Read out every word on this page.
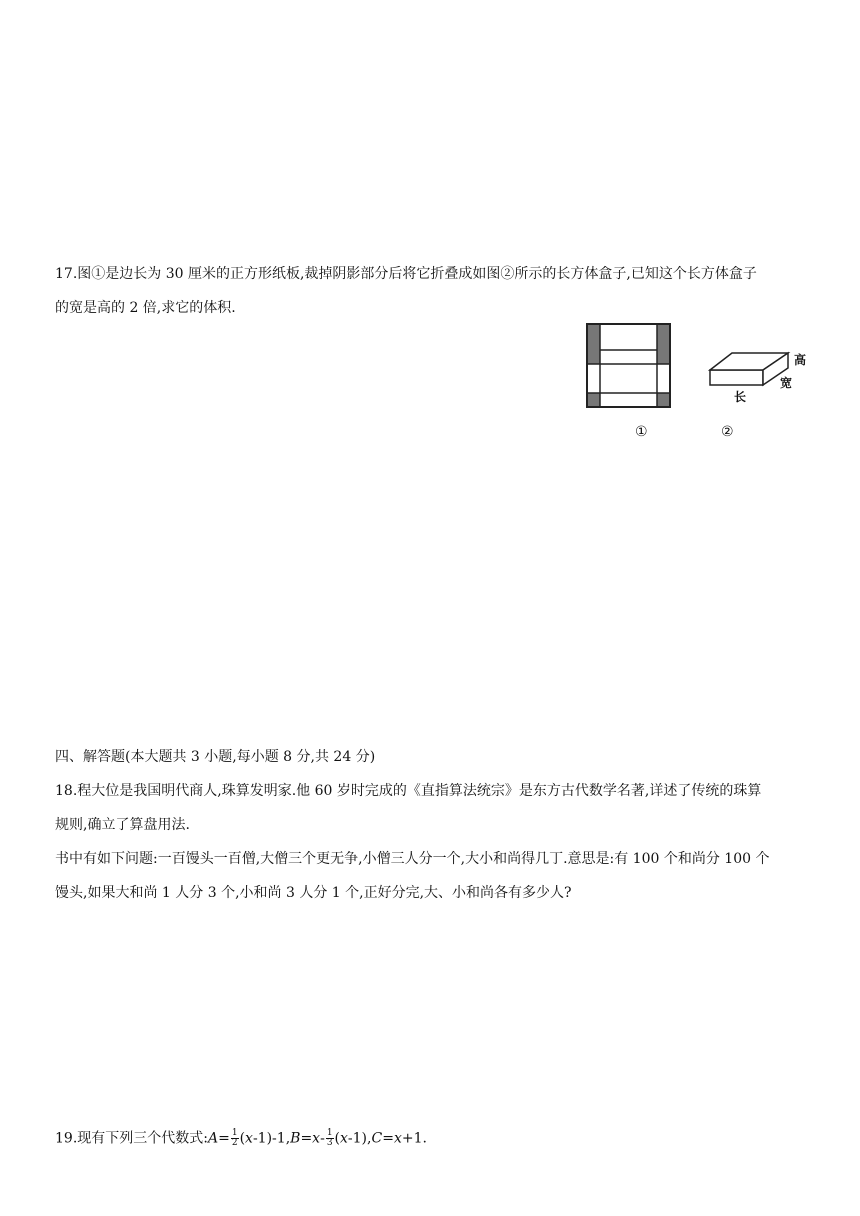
17.图①是边长为 30 厘米的正方形纸板,裁掉阴影部分后将它折叠成如图②所示的长方体盒子,已知这个长方体盒子
的宽是高的 2 倍,求它的体积.
高
宽
长
①	②
四、解答题(本大题共 3 小题,每小题 8 分,共 24 分)
18.程大位是我国明代商人,珠算发明家.他 60 岁时完成的《直指算法统宗》是东方古代数学名著,详述了传统的珠算
规则,确立了算盘用法.
书中有如下问题:一百馒头一百僧,大僧三个更无争,小僧三人分一个,大小和尚得几丁.意思是:有 100 个和尚分 100 个
馒头,如果大和尚 1 人分 3 个,小和尚 3 人分 1 个,正好分完,大、小和尚各有多少人?
19.现有下列三个代数式:A= $\frac{1}{2} (x-1)-1,B=x- \frac{1}{3} (x-1),C=x+1$.
